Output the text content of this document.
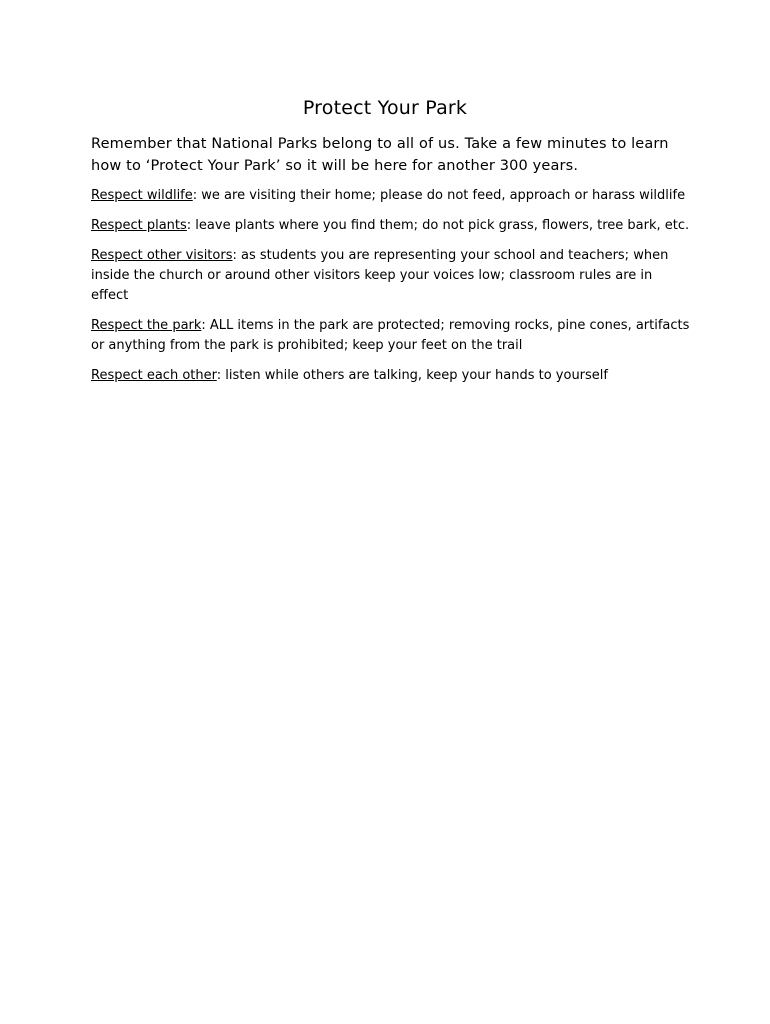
Protect Your Park
Remember that National Parks belong to all of us. Take a few minutes to learn how to ‘Protect Your Park’ so it will be here for another 300 years.

Respect wildlife: we are visiting their home; please do not feed, approach or harass wildlife

Respect plants: leave plants where you find them; do not pick grass, flowers, tree bark, etc.

Respect other visitors: as students you are representing your school and teachers; when inside the church or around other visitors keep your voices low; classroom rules are in effect

Respect the park: ALL items in the park are protected; removing rocks, pine cones, artifacts or anything from the park is prohibited; keep your feet on the trail

Respect each other: listen while others are talking, keep your hands to yourself
